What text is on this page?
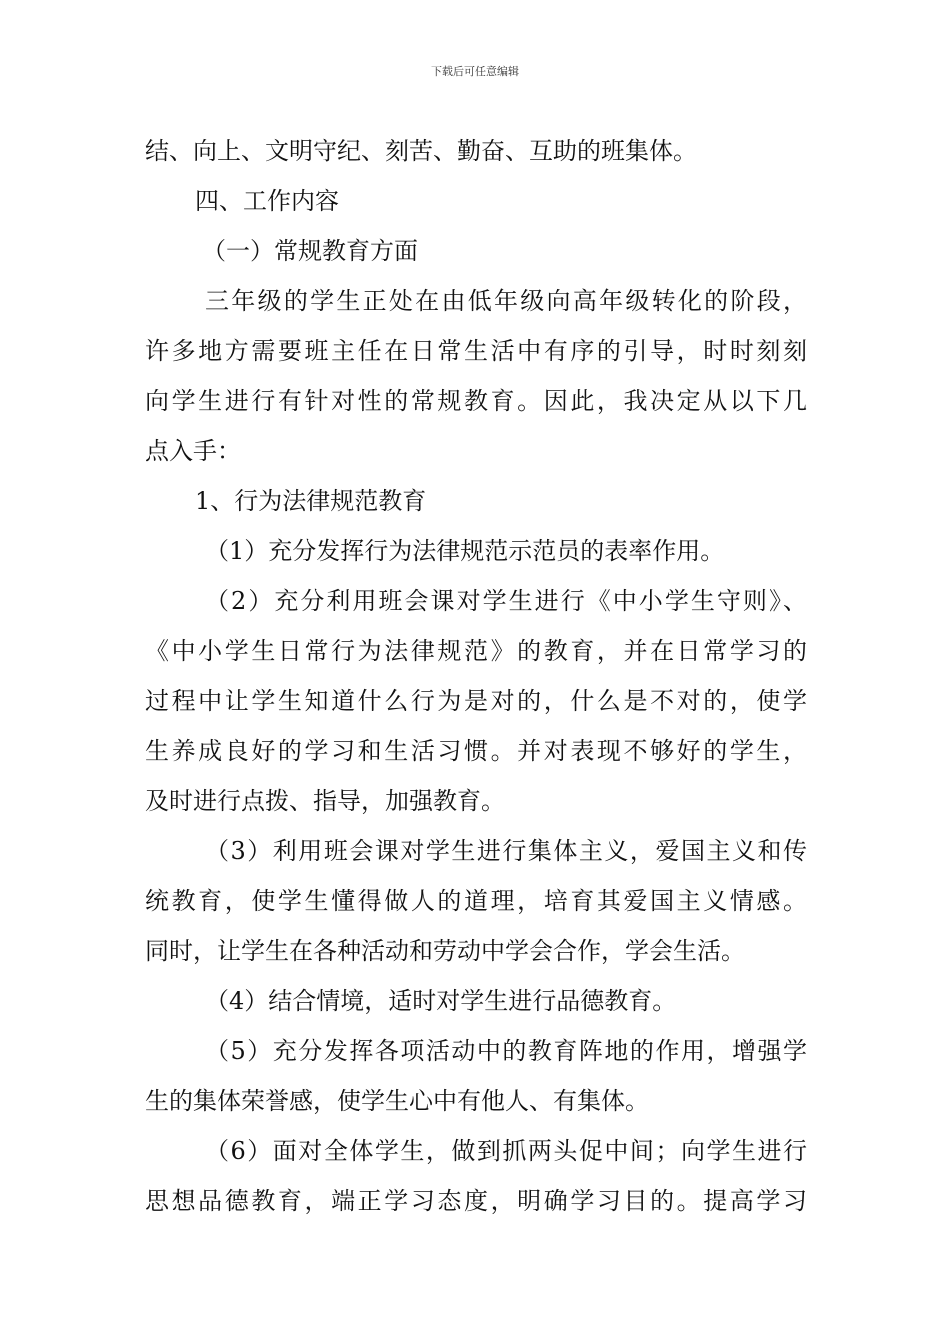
下载后可任意编辑
结、向上、文明守纪、刻苦、勤奋、互助的班集体。
四、工作内容
（一）常规教育方面
三年级的学生正处在由低年级向高年级转化的阶段，
许多地方需要班主任在日常生活中有序的引导，时时刻刻
向学生进行有针对性的常规教育。因此，我决定从以下几
点入手：
1、行为法律规范教育
（1）充分发挥行为法律规范示范员的表率作用。
（2）充分利用班会课对学生进行《中小学生守则》、
《中小学生日常行为法律规范》的教育，并在日常学习的
过程中让学生知道什么行为是对的，什么是不对的，使学
生养成良好的学习和生活习惯。并对表现不够好的学生，
及时进行点拨、指导，加强教育。
（3）利用班会课对学生进行集体主义，爱国主义和传
统教育，使学生懂得做人的道理，培育其爱国主义情感。
同时，让学生在各种活动和劳动中学会合作，学会生活。
（4）结合情境，适时对学生进行品德教育。
（5）充分发挥各项活动中的教育阵地的作用，增强学
生的集体荣誉感，使学生心中有他人、有集体。
（6）面对全体学生，做到抓两头促中间；向学生进行
思想品德教育，端正学习态度，明确学习目的。提高学习
